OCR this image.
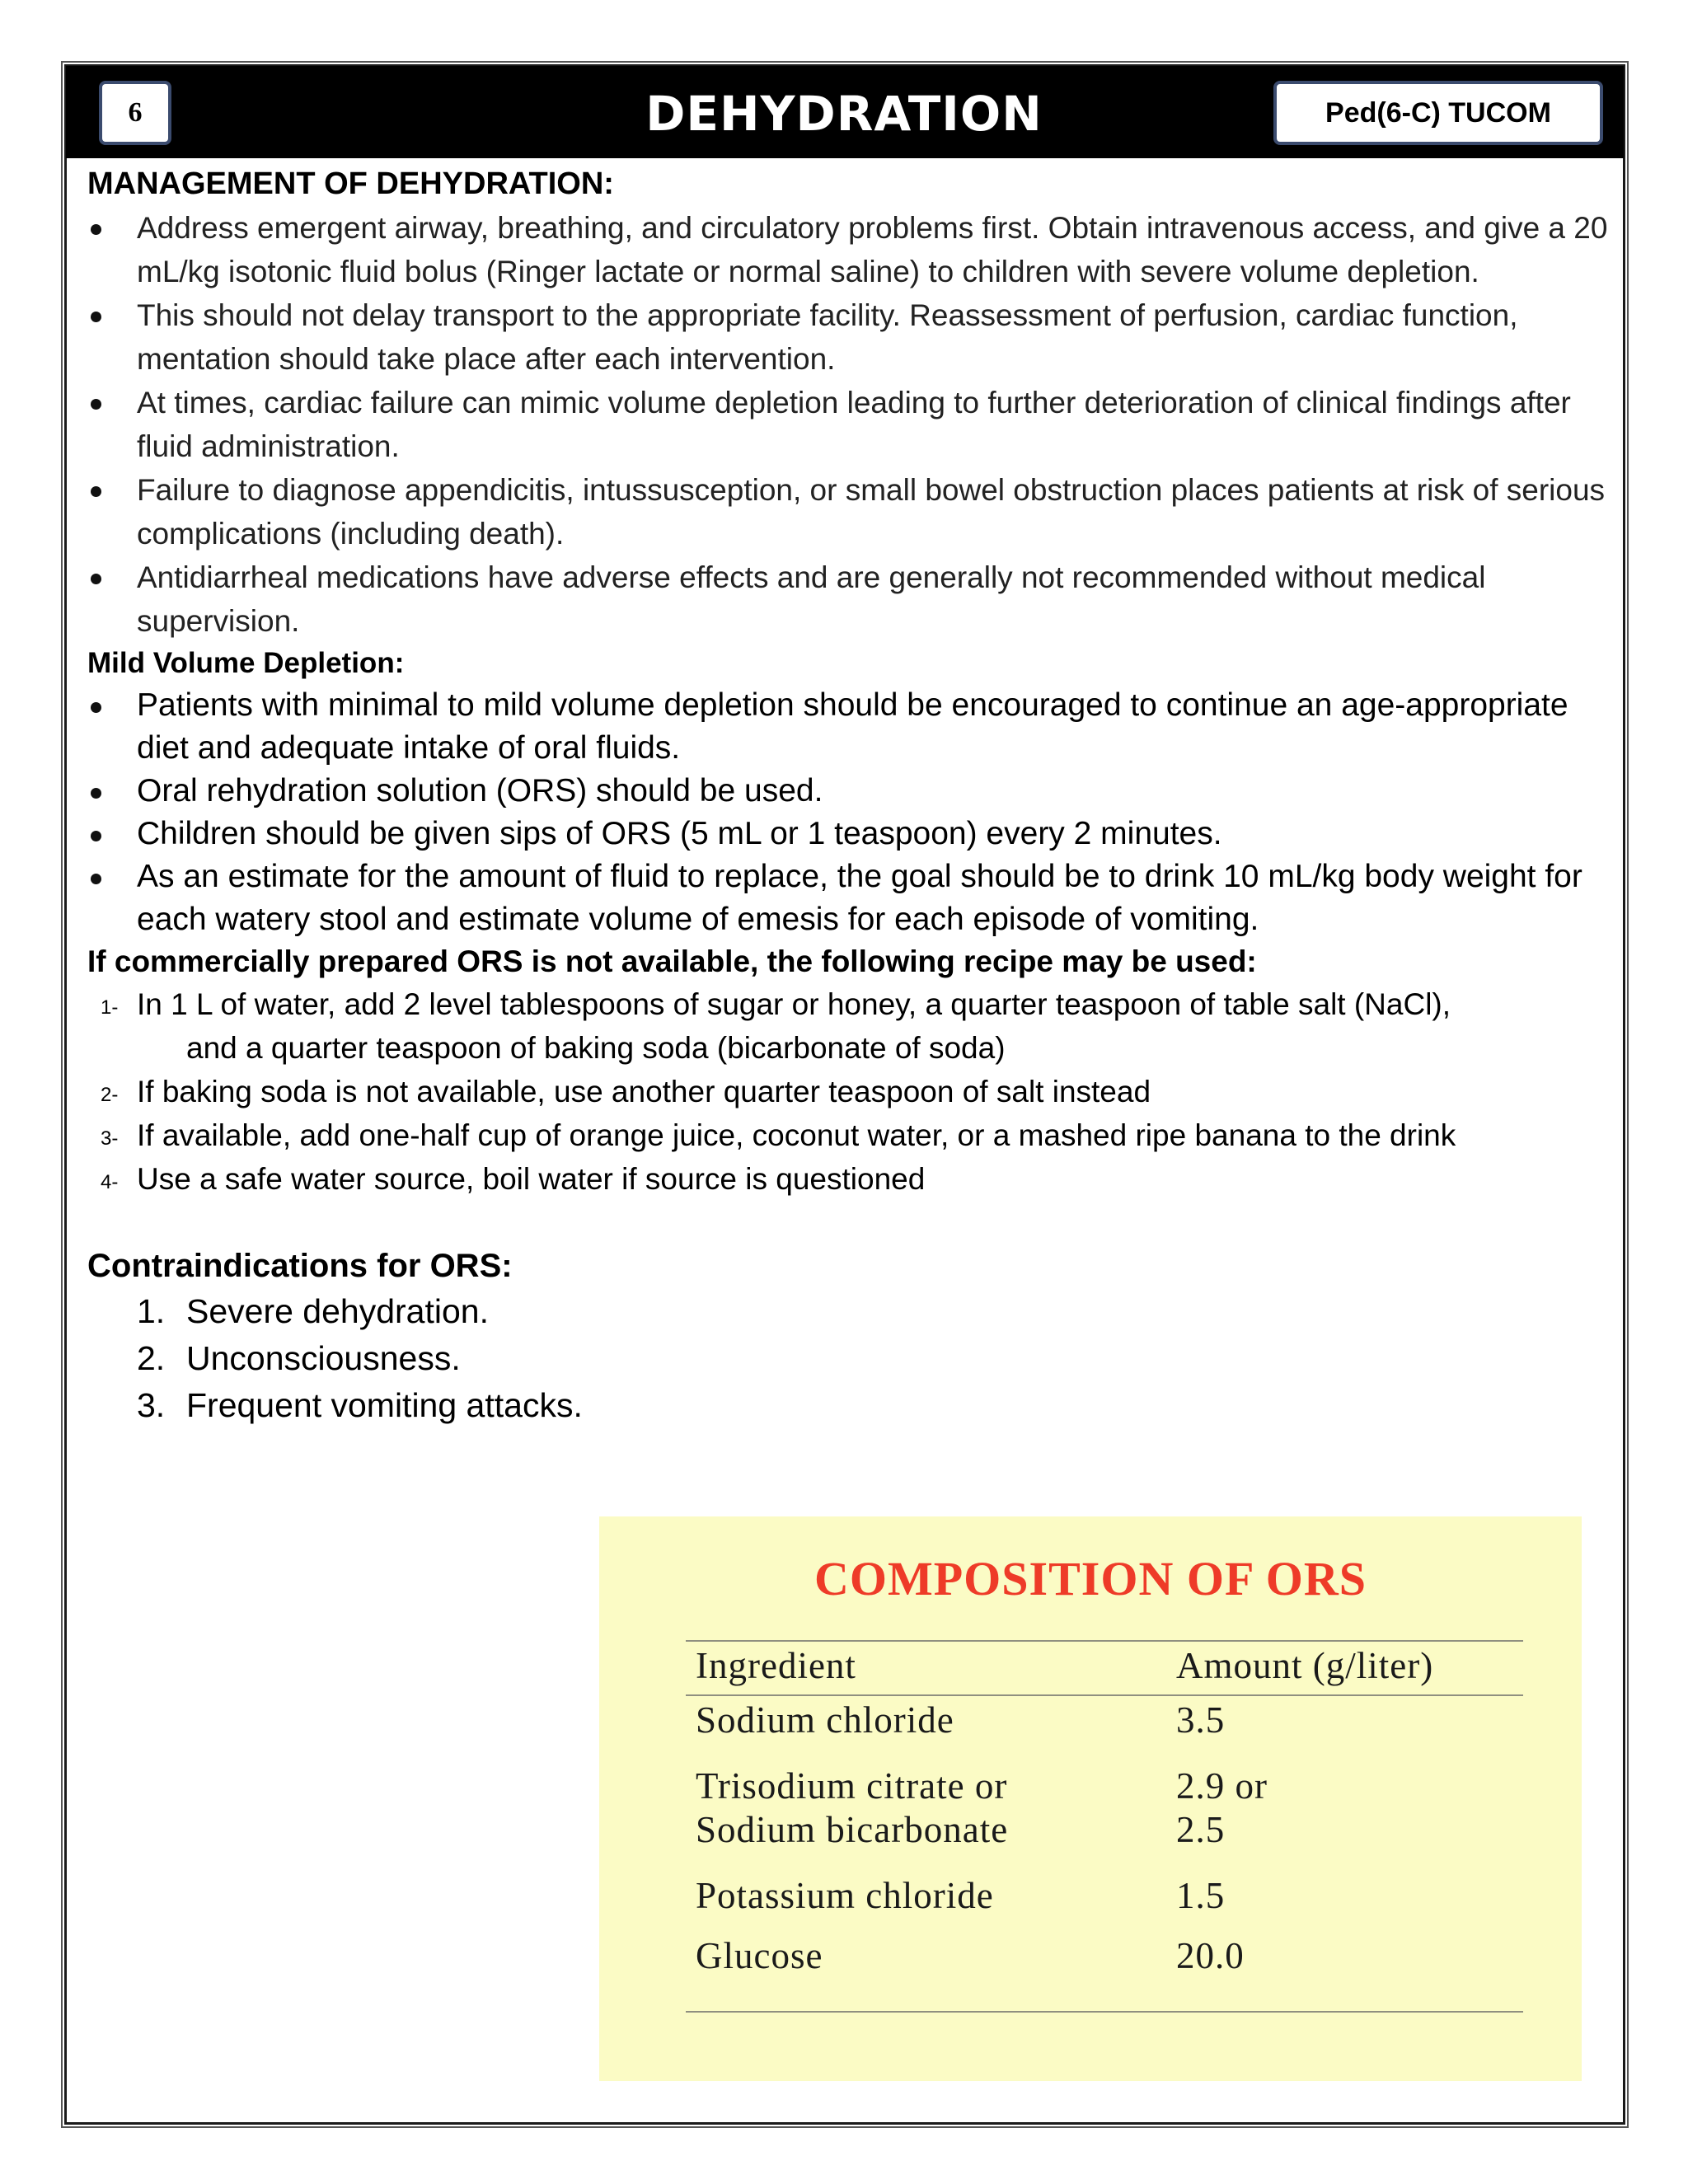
6	DEHYDRATION	Ped(6-C) TUCOM
MANAGEMENT OF DEHYDRATION:
Address emergent airway, breathing, and circulatory problems first. Obtain intravenous access, and give a 20 mL/kg isotonic fluid bolus (Ringer lactate or normal saline) to children with severe volume depletion.
This should not delay transport to the appropriate facility. Reassessment of perfusion, cardiac function, mentation should take place after each intervention.
At times, cardiac failure can mimic volume depletion leading to further deterioration of clinical findings after fluid administration.
Failure to diagnose appendicitis, intussusception, or small bowel obstruction places patients at risk of serious complications (including death).
Antidiarrheal medications have adverse effects and are generally not recommended without medical supervision.
Mild Volume Depletion:
Patients with minimal to mild volume depletion should be encouraged to continue an age-appropriate diet and adequate intake of oral fluids.
Oral rehydration solution (ORS) should be used.
Children should be given sips of ORS (5 mL or 1 teaspoon) every 2 minutes.
As an estimate for the amount of fluid to replace, the goal should be to drink 10 mL/kg body weight for each watery stool and estimate volume of emesis for each episode of vomiting.
If commercially prepared ORS is not available, the following recipe may be used:
1- In 1 L of water, add 2 level tablespoons of sugar or honey, a quarter teaspoon of table salt (NaCl),
and a quarter teaspoon of baking soda (bicarbonate of soda)
2- If baking soda is not available, use another quarter teaspoon of salt instead
3- If available, add one-half cup of orange juice, coconut water, or a mashed ripe banana to the drink
4- Use a safe water source, boil water if source is questioned
Contraindications for ORS:
1. Severe dehydration.
2. Unconsciousness.
3. Frequent vomiting attacks.
COMPOSITION OF ORS
Ingredient	Amount (g/liter)
Sodium chloride	3.5
Trisodium citrate or	2.9 or
Sodium bicarbonate	2.5
Potassium chloride	1.5
Glucose	20.0
